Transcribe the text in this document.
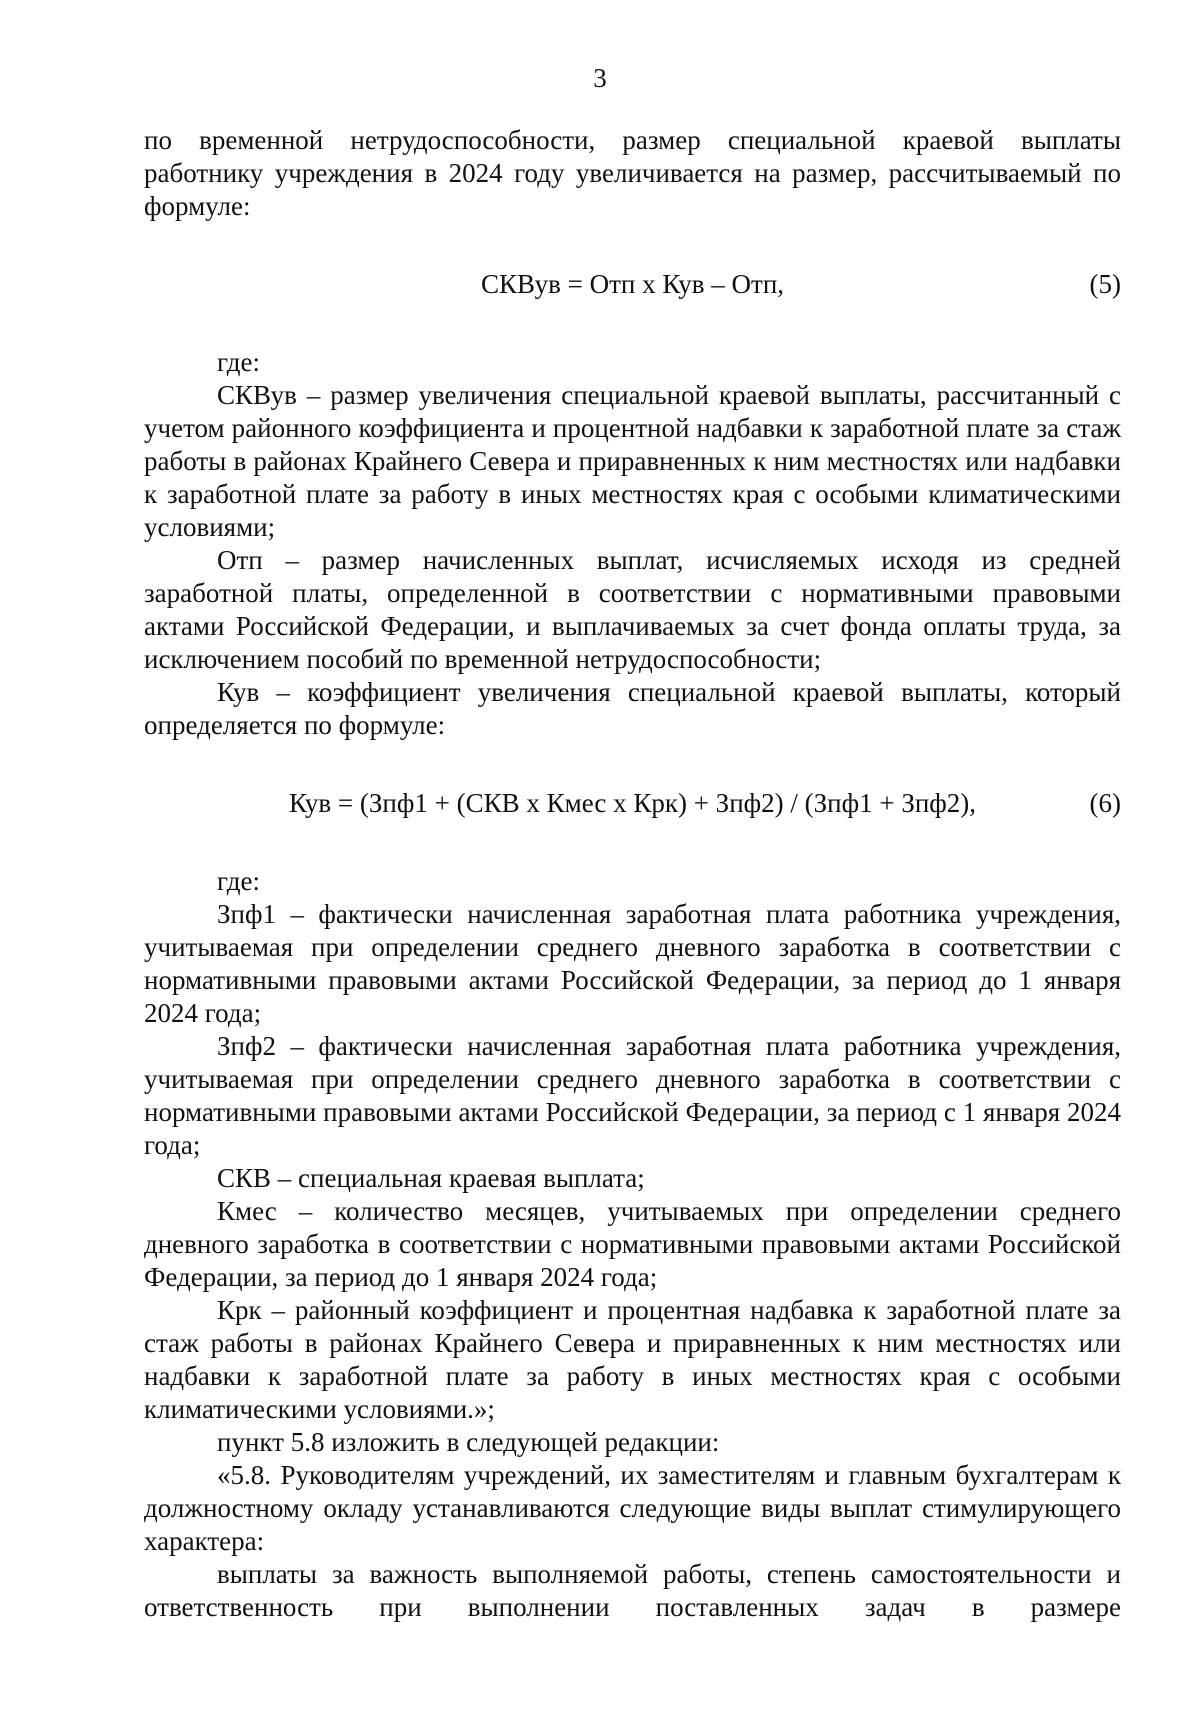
3

по временной нетрудоспособности, размер специальной краевой выплаты работнику учреждения в 2024 году увеличивается на размер, рассчитываемый по формуле:

СКВув = Отп х Кув – Отп,	(5)

где:

СКВув – размер увеличения специальной краевой выплаты, рассчитанный с учетом районного коэффициента и процентной надбавки к заработной плате за стаж работы в районах Крайнего Севера и приравненных к ним местностях или надбавки к заработной плате за работу в иных местностях края с особыми климатическими условиями;

Отп – размер начисленных выплат, исчисляемых исходя из средней заработной платы, определенной в соответствии с нормативными правовыми актами Российской Федерации, и выплачиваемых за счет фонда оплаты труда, за исключением пособий по временной нетрудоспособности;

Кув – коэффициент увеличения специальной краевой выплаты, который определяется по формуле:

Кув = (Зпф1 + (СКВ х Кмес х Крк) + Зпф2) / (Зпф1 + Зпф2),	(6)

где:

Зпф1 – фактически начисленная заработная плата работника учреждения, учитываемая при определении среднего дневного заработка в соответствии с нормативными правовыми актами Российской Федерации, за период до 1 января 2024 года;

Зпф2 – фактически начисленная заработная плата работника учреждения, учитываемая при определении среднего дневного заработка в соответствии с нормативными правовыми актами Российской Федерации, за период с 1 января 2024 года;

СКВ – специальная краевая выплата;

Кмес – количество месяцев, учитываемых при определении среднего дневного заработка в соответствии с нормативными правовыми актами Российской Федерации, за период до 1 января 2024 года;

Крк – районный коэффициент и процентная надбавка к заработной плате за стаж работы в районах Крайнего Севера и приравненных к ним местностях или надбавки к заработной плате за работу в иных местностях края с особыми климатическими условиями.»;

пункт 5.8 изложить в следующей редакции:

«5.8. Руководителям учреждений, их заместителям и главным бухгалтерам к должностному окладу устанавливаются следующие виды выплат стимулирующего характера:

выплаты за важность выполняемой работы, степень самостоятельности и ответственность при выполнении поставленных задач в размере
